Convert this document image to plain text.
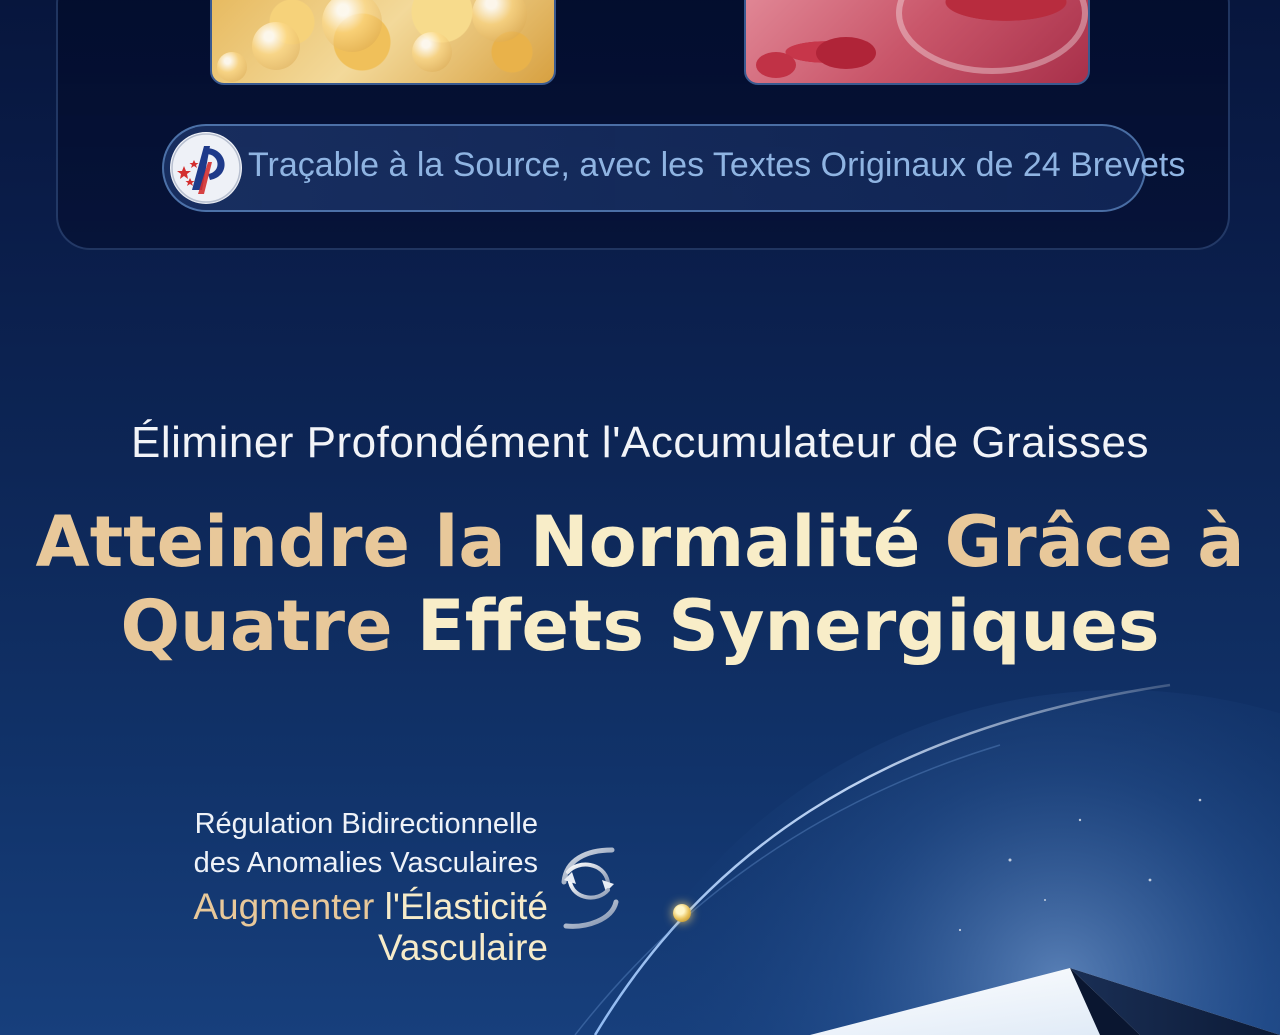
Traçable à la Source, avec les Textes Originaux de 24 Brevets
Éliminer Profondément l'Accumulateur de Graisses
Atteindre la Normalité Grâce à
Quatre Effets Synergiques
Régulation Bidirectionnelle
des Anomalies Vasculaires
Augmenter l'Élasticité
Vasculaire
